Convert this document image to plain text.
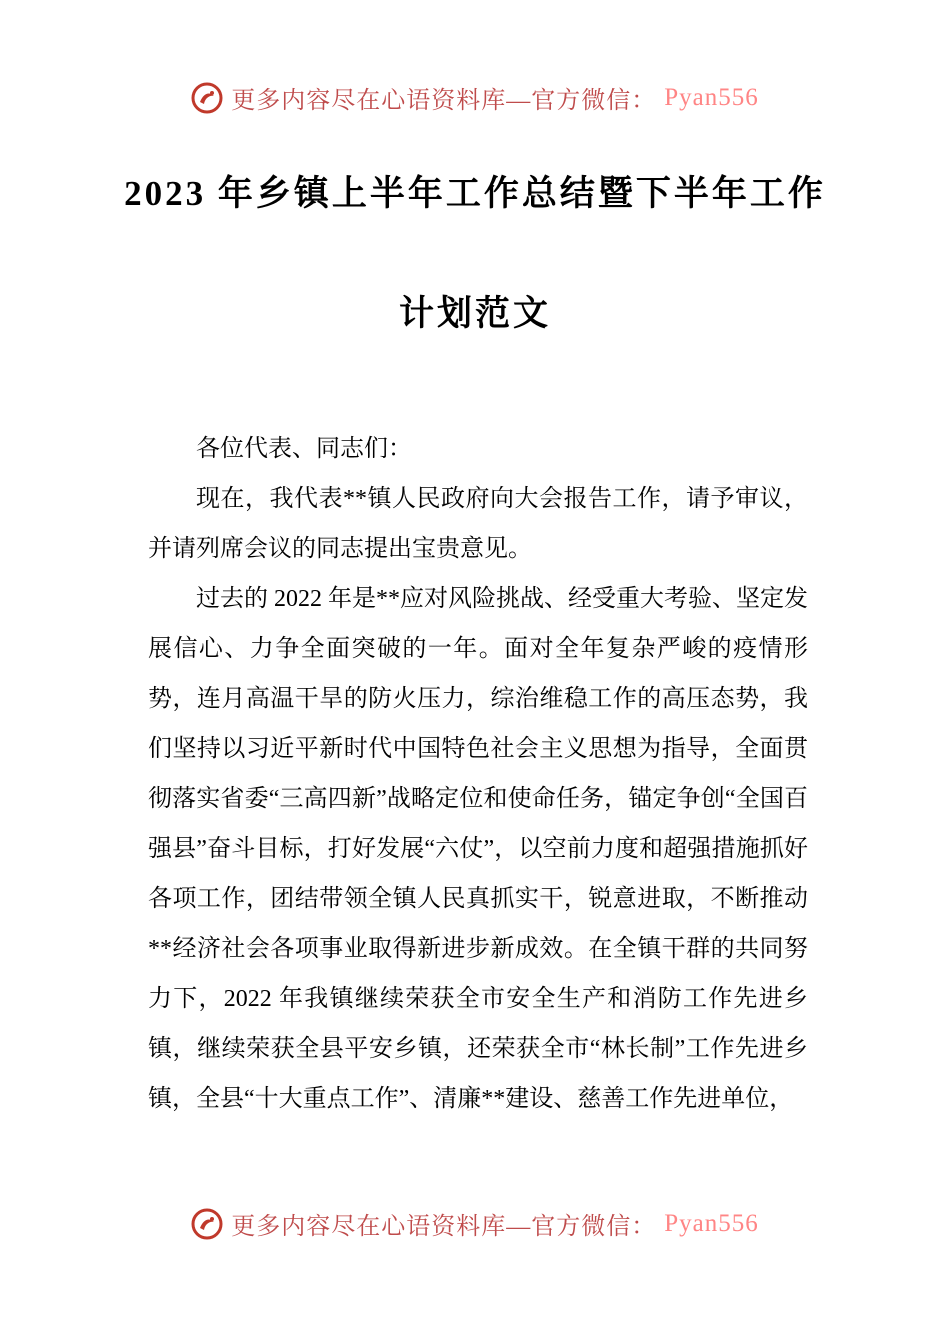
更多内容尽在心语资料库—官方微信： Pyan556
2023 年乡镇上半年工作总结暨下半年工作
计划范文

各位代表、同志们：

现在，我代表**镇人民政府向大会报告工作，请予审议，并请列席会议的同志提出宝贵意见。

过去的 2022 年是**应对风险挑战、经受重大考验、坚定发展信心、力争全面突破的一年。面对全年复杂严峻的疫情形势，连月高温干旱的防火压力，综治维稳工作的高压态势，我们坚持以习近平新时代中国特色社会主义思想为指导，全面贯彻落实省委“三高四新”战略定位和使命任务，锚定争创“全国百强县”奋斗目标，打好发展“六仗”，以空前力度和超强措施抓好各项工作，团结带领全镇人民真抓实干，锐意进取，不断推动**经济社会各项事业取得新进步新成效。在全镇干群的共同努力下，2022 年我镇继续荣获全市安全生产和消防工作先进乡镇，继续荣获全县平安乡镇，还荣获全市“林长制”工作先进乡镇，全县“十大重点工作”、清廉**建设、慈善工作先进单位，

更多内容尽在心语资料库—官方微信： Pyan556
